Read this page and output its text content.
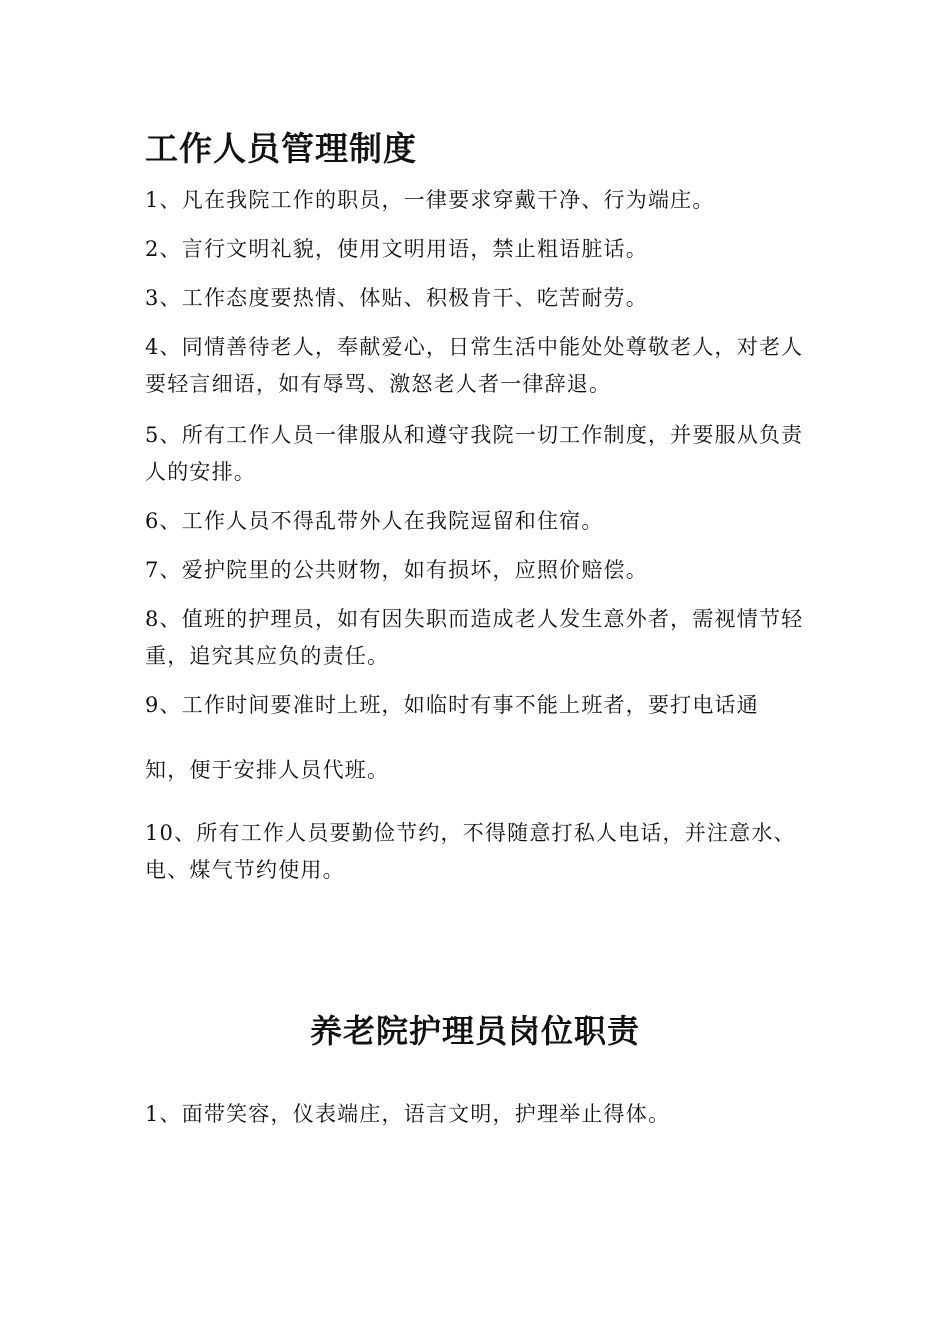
工作人员管理制度

1、凡在我院工作的职员，一律要求穿戴干净、行为端庄。

2、言行文明礼貌，使用文明用语，禁止粗语脏话。

3、工作态度要热情、体贴、积极肯干、吃苦耐劳。

4、同情善待老人，奉献爱心，日常生活中能处处尊敬老人，对老人要轻言细语，如有辱骂、激怒老人者一律辞退。

5、所有工作人员一律服从和遵守我院一切工作制度，并要服从负责人的安排。

6、工作人员不得乱带外人在我院逗留和住宿。

7、爱护院里的公共财物，如有损坏，应照价赔偿。

8、值班的护理员，如有因失职而造成老人发生意外者，需视情节轻重，追究其应负的责任。

9、工作时间要准时上班，如临时有事不能上班者，要打电话通

知，便于安排人员代班。

10、所有工作人员要勤俭节约，不得随意打私人电话，并注意水、电、煤气节约使用。

养老院护理员岗位职责

1、面带笑容，仪表端庄，语言文明，护理举止得体。
